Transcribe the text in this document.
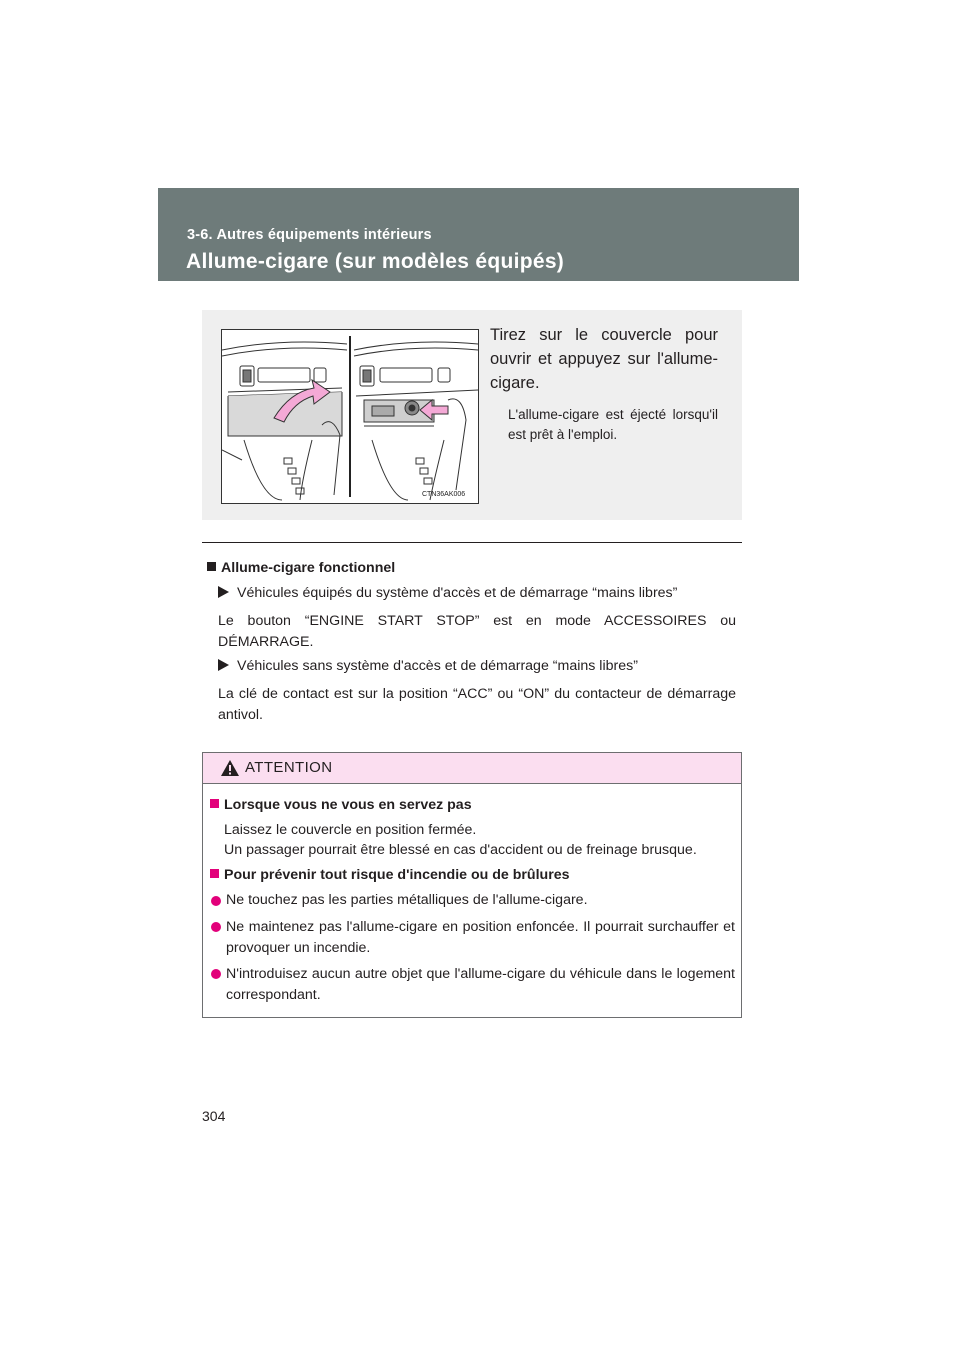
3-6. Autres équipements intérieurs
Allume-cigare (sur modèles équipés)
CTN36AK006
Tirez sur le couvercle pour ouvrir et appuyez sur l'allume-cigare.
L'allume-cigare est éjecté lorsqu'il est prêt à l'emploi.
Allume-cigare fonctionnel
Véhicules équipés du système d'accès et de démarrage “mains libres”
Le bouton “ENGINE START STOP” est en mode ACCESSOIRES ou DÉMARRAGE.
Véhicules sans système d'accès et de démarrage “mains libres”
La clé de contact est sur la position “ACC” ou “ON” du contacteur de démarrage antivol.
ATTENTION
Lorsque vous ne vous en servez pas
Laissez le couvercle en position fermée.
Un passager pourrait être blessé en cas d'accident ou de freinage brusque.
Pour prévenir tout risque d'incendie ou de brûlures
Ne touchez pas les parties métalliques de l'allume-cigare.
Ne maintenez pas l'allume-cigare en position enfoncée. Il pourrait surchauffer et provoquer un incendie.
N'introduisez aucun autre objet que l'allume-cigare du véhicule dans le logement correspondant.
304
